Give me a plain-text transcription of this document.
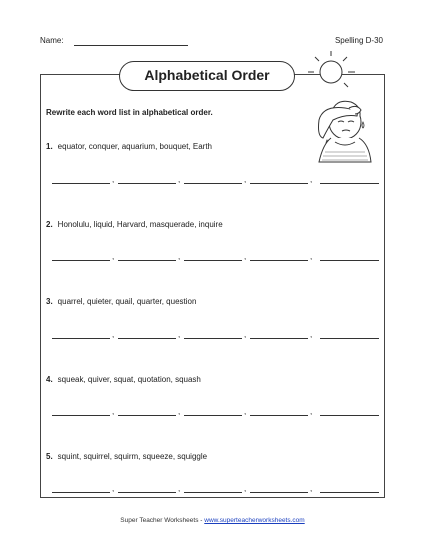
Name:	Spelling D-30
Alphabetical Order
Rewrite each word list in alphabetical order.
1. equator, conquer, aquarium, bouquet, Earth
,	,	,	,
2. Honolulu, liquid, Harvard, masquerade, inquire
,	,	,	,
3. quarrel, quieter, quail, quarter, question
,	,	,	,
4. squeak, quiver, squat, quotation, squash
,	,	,	,
5. squint, squirrel, squirm, squeeze, squiggle
,	,	,	,
Super Teacher Worksheets - www.superteacherworksheets.com
